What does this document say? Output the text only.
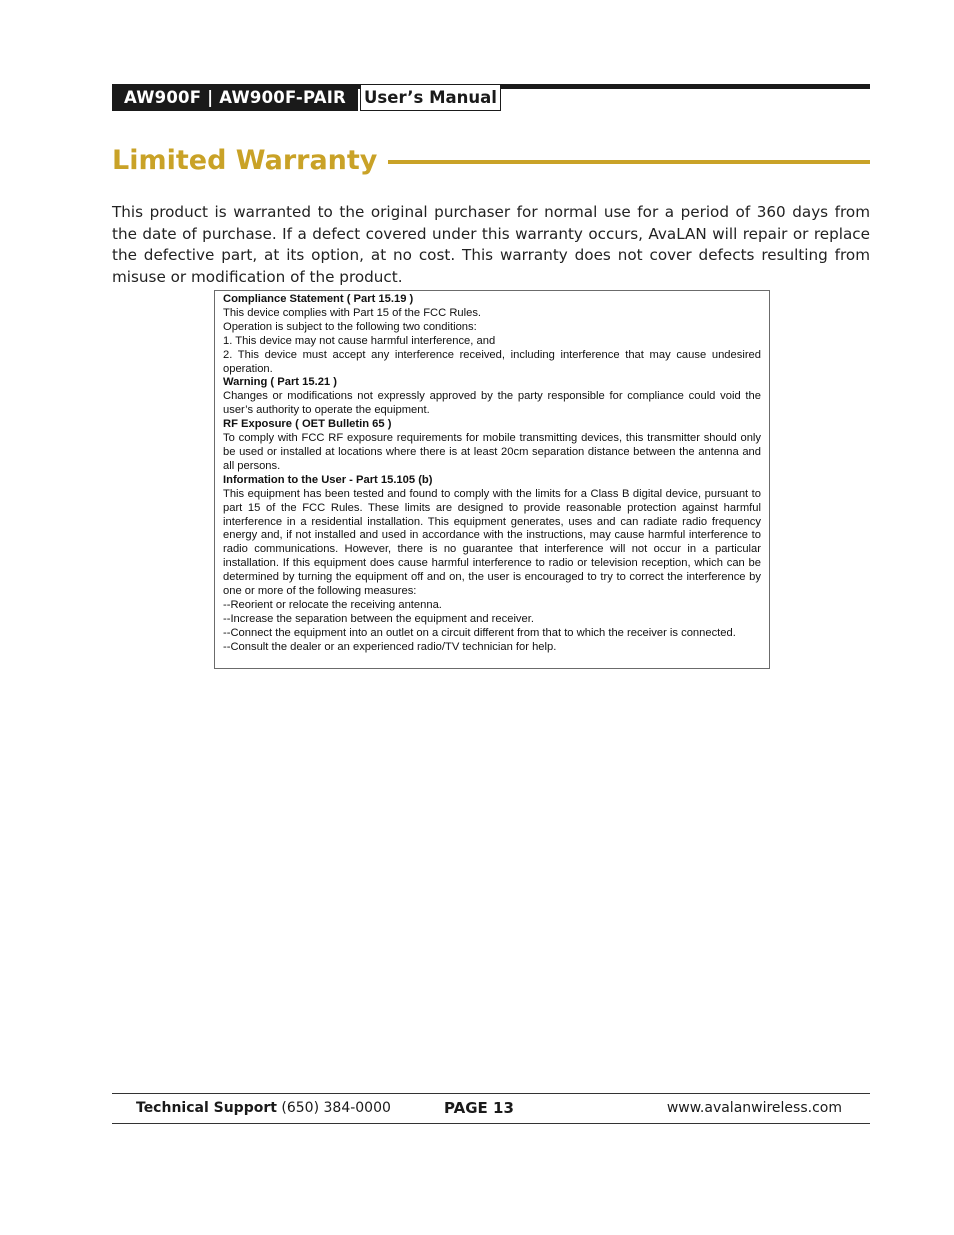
AW900F | AW900F-PAIR	User’s Manual
Limited Warranty

This product is warranted to the original purchaser for normal use for a period of 360 days from the date of purchase. If a defect covered under this warranty occurs, AvaLAN will repair or replace the defective part, at its option, at no cost. This warranty does not cover defects resulting from misuse or modification of the product.

Compliance Statement ( Part 15.19 )

This device complies with Part 15 of the FCC Rules.

Operation is subject to the following two conditions:

1. This device may not cause harmful interference, and

2. This device must accept any interference received, including interference that may cause undesired operation.

Warning ( Part 15.21 )

Changes or modifications not expressly approved by the party responsible for compliance could void the user’s authority to operate the equipment.

RF Exposure ( OET Bulletin 65 )

To comply with FCC RF exposure requirements for mobile transmitting devices, this transmitter should only be used or installed at locations where there is at least 20cm separation distance between the antenna and all persons.

Information to the User - Part 15.105 (b)

This equipment has been tested and found to comply with the limits for a Class B digital device, pursuant to part 15 of the FCC Rules. These limits are designed to provide reasonable protection against harmful interference in a residential installation. This equipment generates, uses and can radiate radio frequency energy and, if not installed and used in accordance with the instructions, may cause harmful interference to radio communications. However, there is no guarantee that interference will not occur in a particular installation. If this equipment does cause harmful interference to radio or television reception, which can be determined by turning the equipment off and on, the user is encouraged to try to correct the interference by one or more of the following measures:

--Reorient or relocate the receiving antenna.

--Increase the separation between the equipment and receiver.

--Connect the equipment into an outlet on a circuit different from that to which the receiver is connected.

--Consult the dealer or an experienced radio/TV technician for help.

Technical Support (650) 384-0000	PAGE 13	www.avalanwireless.com
